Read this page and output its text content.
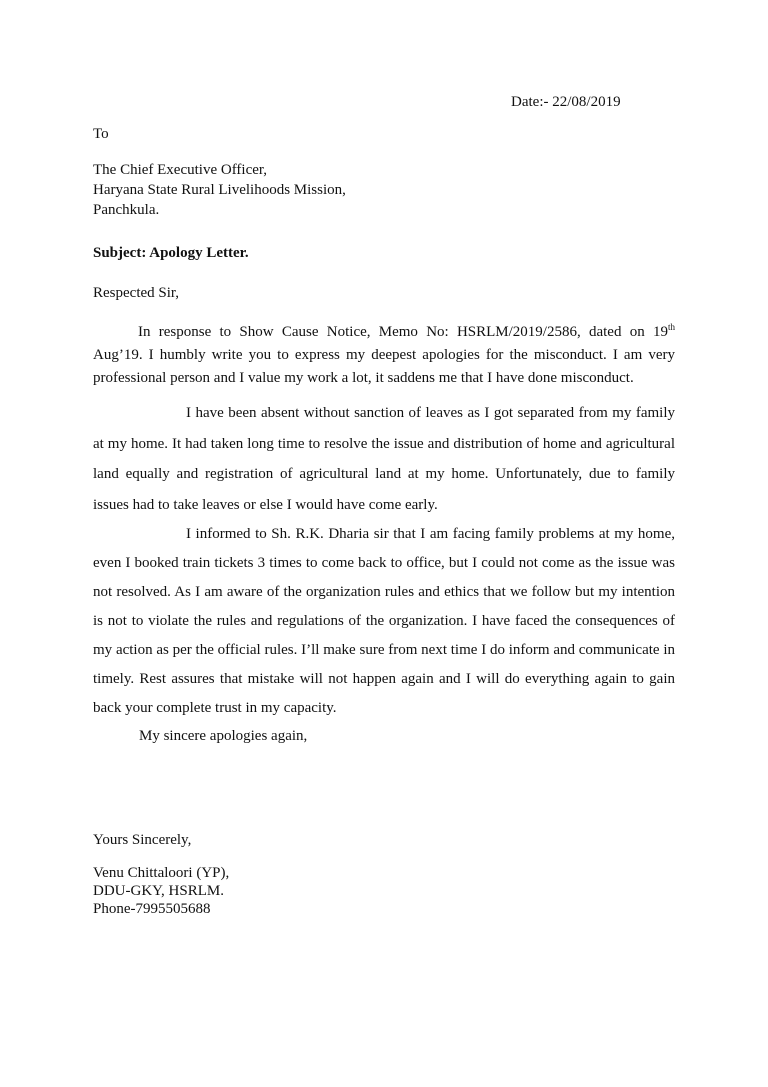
Date:- 22/08/2019
To
The Chief Executive Officer,
Haryana State Rural Livelihoods Mission,
Panchkula.
Subject: Apology Letter.
Respected Sir,

In response to Show Cause Notice, Memo No: HSRLM/2019/2586, dated on 19th Aug’19. I humbly write you to express my deepest apologies for the misconduct. I am very professional person and I value my work a lot, it saddens me that I have done misconduct.

I have been absent without sanction of leaves as I got separated from my family at my home. It had taken long time to resolve the issue and distribution of home and agricultural land equally and registration of agricultural land at my home. Unfortunately, due to family issues had to take leaves or else I would have come early.

I informed to Sh. R.K. Dharia sir that I am facing family problems at my home, even I booked train tickets 3 times to come back to office, but I could not come as the issue was not resolved. As I am aware of the organization rules and ethics that we follow but my intention is not to violate the rules and regulations of the organization. I have faced the consequences of my action as per the official rules. I’ll make sure from next time I do inform and communicate in timely. Rest assures that mistake will not happen again and I will do everything again to gain back your complete trust in my capacity.

My sincere apologies again,
Yours Sincerely,
Venu Chittaloori (YP),
DDU-GKY, HSRLM.
Phone-7995505688
